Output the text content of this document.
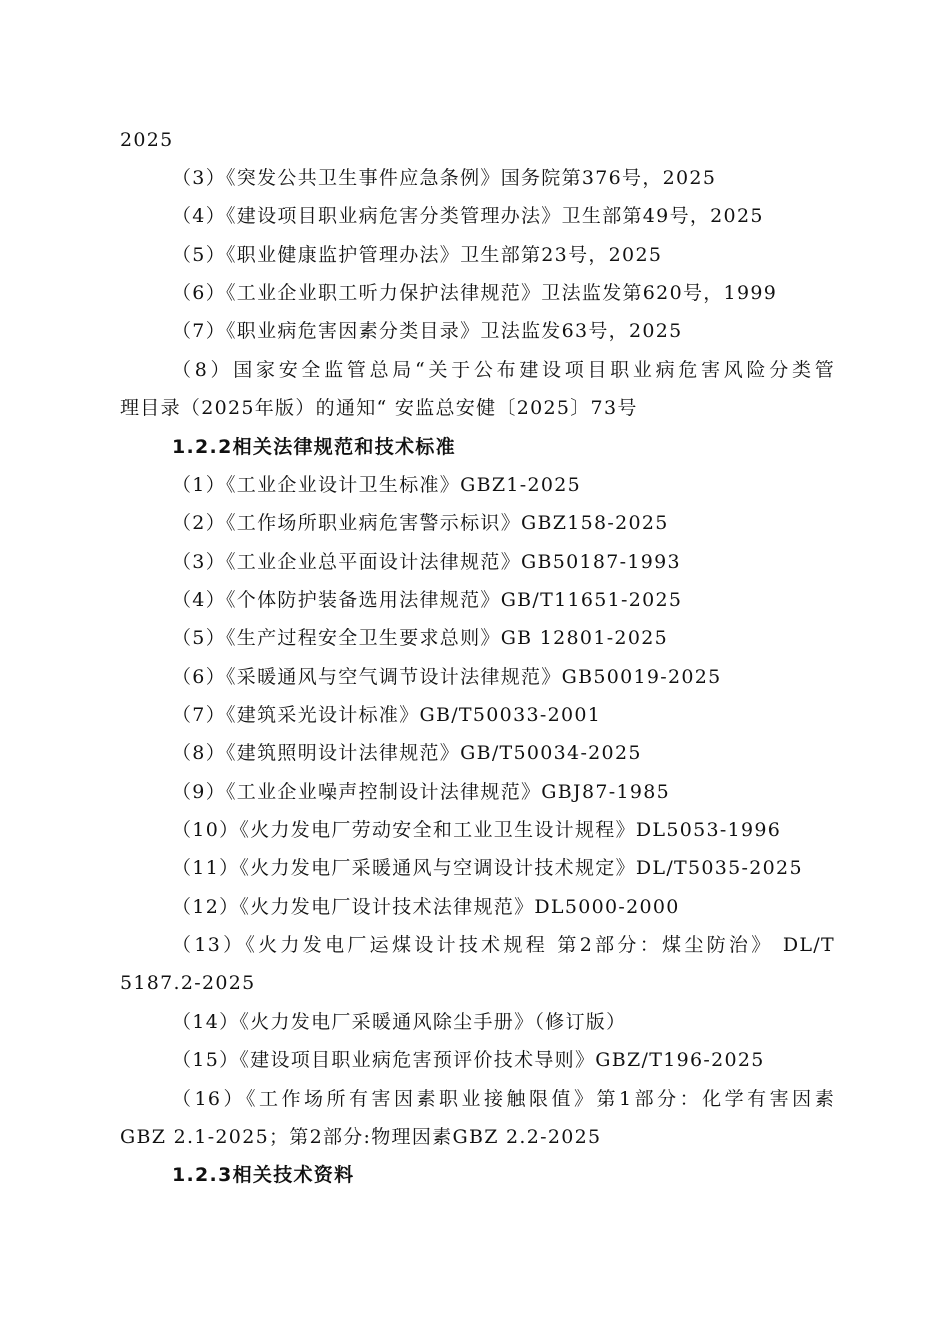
2025
（3）《突发公共卫生事件应急条例》国务院第376号，2025
（4）《建设项目职业病危害分类管理办法》卫生部第49号，2025
（5）《职业健康监护管理办法》卫生部第23号，2025
（6）《工业企业职工听力保护法律规范》卫法监发第620号，1999
（7）《职业病危害因素分类目录》卫法监发63号，2025
（8）国家安全监管总局“关于公布建设项目职业病危害风险分类管
理目录（2025年版）的通知“ 安监总安健〔2025〕73号
1.2.2相关法律规范和技术标准
（1）《工业企业设计卫生标准》GBZ1-2025
（2）《工作场所职业病危害警示标识》GBZ158-2025
（3）《工业企业总平面设计法律规范》GB50187-1993
（4）《个体防护装备选用法律规范》GB/T11651-2025
（5）《生产过程安全卫生要求总则》GB 12801-2025
（6）《采暖通风与空气调节设计法律规范》GB50019-2025
（7）《建筑采光设计标准》GB/T50033-2001
（8）《建筑照明设计法律规范》GB/T50034-2025
（9）《工业企业噪声控制设计法律规范》GBJ87-1985
（10）《火力发电厂劳动安全和工业卫生设计规程》DL5053-1996
（11）《火力发电厂采暖通风与空调设计技术规定》DL/T5035-2025
（12）《火力发电厂设计技术法律规范》DL5000-2000
（13）《火力发电厂运煤设计技术规程 第2部分：煤尘防治》 DL/T
5187.2-2025
（14）《火力发电厂采暖通风除尘手册》（修订版）
（15）《建设项目职业病危害预评价技术导则》GBZ/T196-2025
（16）《工作场所有害因素职业接触限值》第1部分：化学有害因素
GBZ 2.1-2025；第2部分:物理因素GBZ 2.2-2025
1.2.3相关技术资料
